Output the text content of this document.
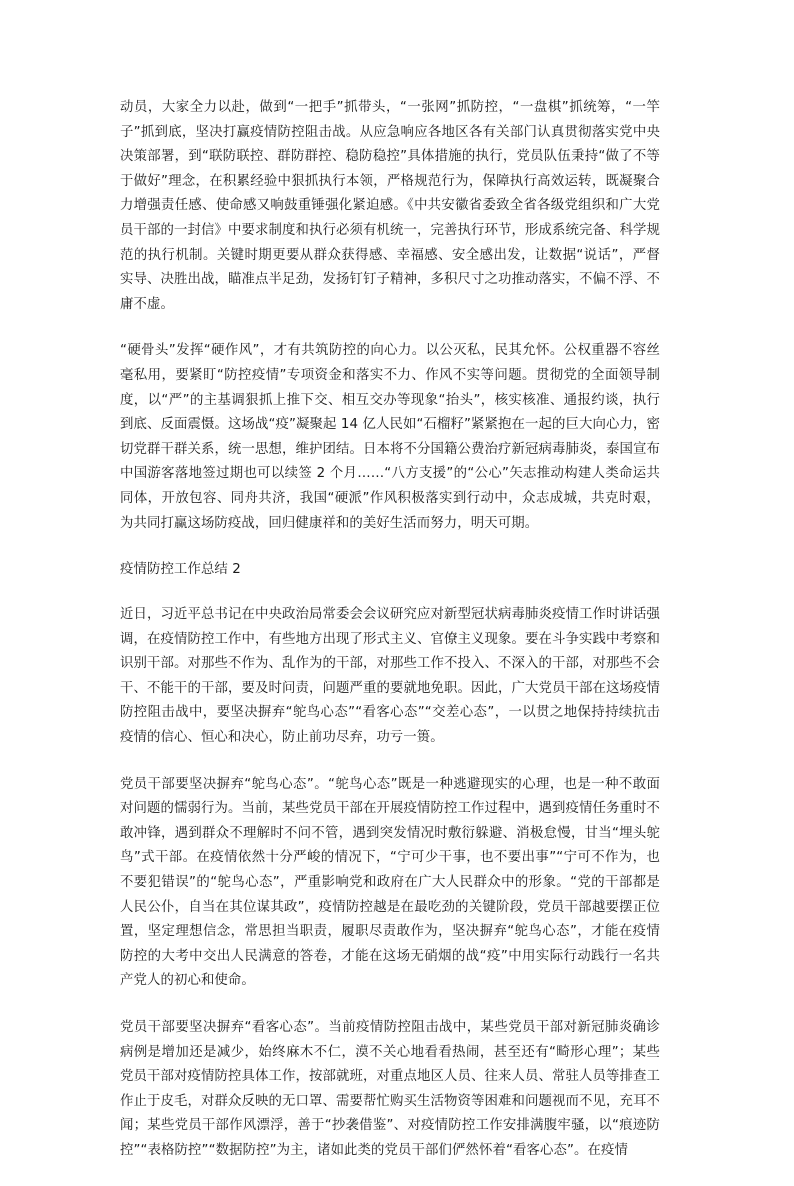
动员，大家全力以赴，做到“一把手”抓带头，“一张网”抓防控，“一盘棋”抓统筹，“一竿子”抓到底，坚决打赢疫情防控阻击战。从应急响应各地区各有关部门认真贯彻落实党中央决策部署，到“联防联控、群防群控、稳防稳控”具体措施的执行，党员队伍秉持“做了不等于做好”理念，在积累经验中狠抓执行本领，严格规范行为，保障执行高效运转，既凝聚合力增强责任感、使命感又响鼓重锤强化紧迫感。《中共安徽省委致全省各级党组织和广大党员干部的一封信》中要求制度和执行必须有机统一，完善执行环节，形成系统完备、科学规范的执行机制。关键时期更要从群众获得感、幸福感、安全感出发，让数据“说话”，严督实导、决胜出战，瞄准点半足劲，发扬钉钉子精神，多积尺寸之功推动落实，不偏不浮、不庸不虚。

“硬骨头”发挥“硬作风”，才有共筑防控的向心力。以公灭私，民其允怀。公权重器不容丝毫私用，要紧盯“防控疫情”专项资金和落实不力、作风不实等问题。贯彻党的全面领导制度，以“严”的主基调狠抓上推下交、相互交办等现象“抬头”，核实核准、通报约谈，执行到底、反面震慑。这场战“疫”凝聚起 14 亿人民如“石榴籽”紧紧抱在一起的巨大向心力，密切党群干群关系，统一思想，维护团结。日本将不分国籍公费治疗新冠病毒肺炎，泰国宣布中国游客落地签过期也可以续签 2 个月……“八方支援”的“公心”矢志推动构建人类命运共同体，开放包容、同舟共济，我国“硬派”作风积极落实到行动中，众志成城，共克时艰，为共同打赢这场防疫战，回归健康祥和的美好生活而努力，明天可期。

疫情防控工作总结 2

近日，习近平总书记在中央政治局常委会会议研究应对新型冠状病毒肺炎疫情工作时讲话强调，在疫情防控工作中，有些地方出现了形式主义、官僚主义现象。要在斗争实践中考察和识别干部。对那些不作为、乱作为的干部，对那些工作不投入、不深入的干部，对那些不会干、不能干的干部，要及时问责，问题严重的要就地免职。因此，广大党员干部在这场疫情防控阻击战中，要坚决摒弃“鸵鸟心态”“看客心态”“交差心态”，一以贯之地保持持续抗击疫情的信心、恒心和决心，防止前功尽弃，功亏一篑。

党员干部要坚决摒弃“鸵鸟心态”。“鸵鸟心态”既是一种逃避现实的心理，也是一种不敢面对问题的懦弱行为。当前，某些党员干部在开展疫情防控工作过程中，遇到疫情任务重时不敢冲锋，遇到群众不理解时不问不管，遇到突发情况时敷衍躲避、消极怠慢，甘当“埋头鸵鸟”式干部。在疫情依然十分严峻的情况下，“宁可少干事，也不要出事”“宁可不作为，也不要犯错误”的“鸵鸟心态”，严重影响党和政府在广大人民群众中的形象。“党的干部都是人民公仆，自当在其位谋其政”，疫情防控越是在最吃劲的关键阶段，党员干部越要摆正位置，坚定理想信念，常思担当职责，履职尽责敢作为，坚决摒弃“鸵鸟心态”，才能在疫情防控的大考中交出人民满意的答卷，才能在这场无硝烟的战“疫”中用实际行动践行一名共产党人的初心和使命。

党员干部要坚决摒弃“看客心态”。当前疫情防控阻击战中，某些党员干部对新冠肺炎确诊病例是增加还是减少，始终麻木不仁，漠不关心地看看热闹，甚至还有“畸形心理”；某些党员干部对疫情防控具体工作，按部就班，对重点地区人员、往来人员、常驻人员等排查工作止于皮毛，对群众反映的无口罩、需要帮忙购买生活物资等困难和问题视而不见，充耳不闻；某些党员干部作风漂浮，善于“抄袭借鉴”、对疫情防控工作安排满腹牢骚，以“痕迹防控”“表格防控”“数据防控”为主，诸如此类的党员干部们俨然怀着“看客心态”。在疫情
